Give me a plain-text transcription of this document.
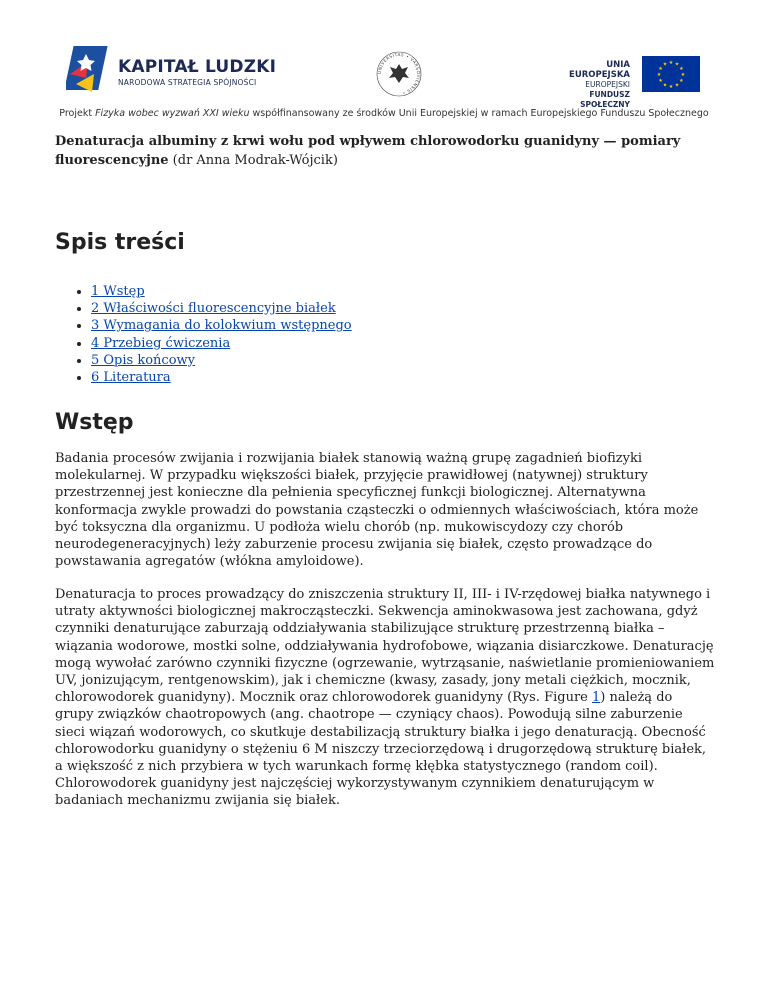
KAPITAŁ LUDZKI
NARODOWA STRATEGIA SPÓJNOŚCI
UNIVERSITAS • VARSOVIENSIS •
UNIA EUROPEJSKA
EUROPEJSKI
FUNDUSZ SPOŁECZNY
★ ★
★
★
★
★
★
★
★
★
★
★
Projekt Fizyka wobec wyzwań XXI wieku współfinansowany ze środków Unii Europejskiej w ramach Europejskiego Funduszu Społecznego

Denaturacja albuminy z krwi wołu pod wpływem chlorowodorku guanidyny — pomiary fluorescencyjne (dr Anna Modrak-Wójcik)

Spis treści
• 1 Wstęp
• 2 Właściwości fluorescencyjne białek
• 3 Wymagania do kolokwium wstępnego
• 4 Przebieg ćwiczenia
• 5 Opis końcowy
• 6 Literatura
Wstęp

Badania procesów zwijania i rozwijania białek stanowią ważną grupę zagadnień biofizyki molekularnej. W przypadku większości białek, przyjęcie prawidłowej (natywnej) struktury przestrzennej jest konieczne dla pełnienia specyficznej funkcji biologicznej. Alternatywna konformacja zwykle prowadzi do powstania cząsteczki o odmiennych właściwościach, która może być toksyczna dla organizmu. U podłoża wielu chorób (np. mukowiscydozy czy chorób neurodegeneracyjnych) leży zaburzenie procesu zwijania się białek, często prowadzące do powstawania agregatów (włókna amyloidowe).

Denaturacja to proces prowadzący do zniszczenia struktury II, III- i IV-rzędowej białka natywnego i utraty aktywności biologicznej makrocząsteczki. Sekwencja aminokwasowa jest zachowana, gdyż czynniki denaturujące zaburzają oddziaływania stabilizujące strukturę przestrzenną białka – wiązania wodorowe, mostki solne, oddziaływania hydrofobowe, wiązania disiarczkowe. Denaturację mogą wywołać zarówno czynniki fizyczne (ogrzewanie, wytrząsanie, naświetlanie promieniowaniem UV, jonizującym, rentgenowskim), jak i chemiczne (kwasy, zasady, jony metali ciężkich, mocznik, chlorowodorek guanidyny). Mocznik oraz chlorowodorek guanidyny (Rys. Figure 1) należą do grupy związków chaotropowych (ang. chaotrope — czyniący chaos). Powodują silne zaburzenie sieci wiązań wodorowych, co skutkuje destabilizacją struktury białka i jego denaturacją. Obecność chlorowodorku guanidyny o stężeniu 6 M niszczy trzeciorzędową i drugorzędową strukturę białek, a większość z nich przybiera w tych warunkach formę kłębka statystycznego (random coil). Chlorowodorek guanidyny jest najczęściej wykorzystywanym czynnikiem denaturującym w badaniach mechanizmu zwijania się białek.
